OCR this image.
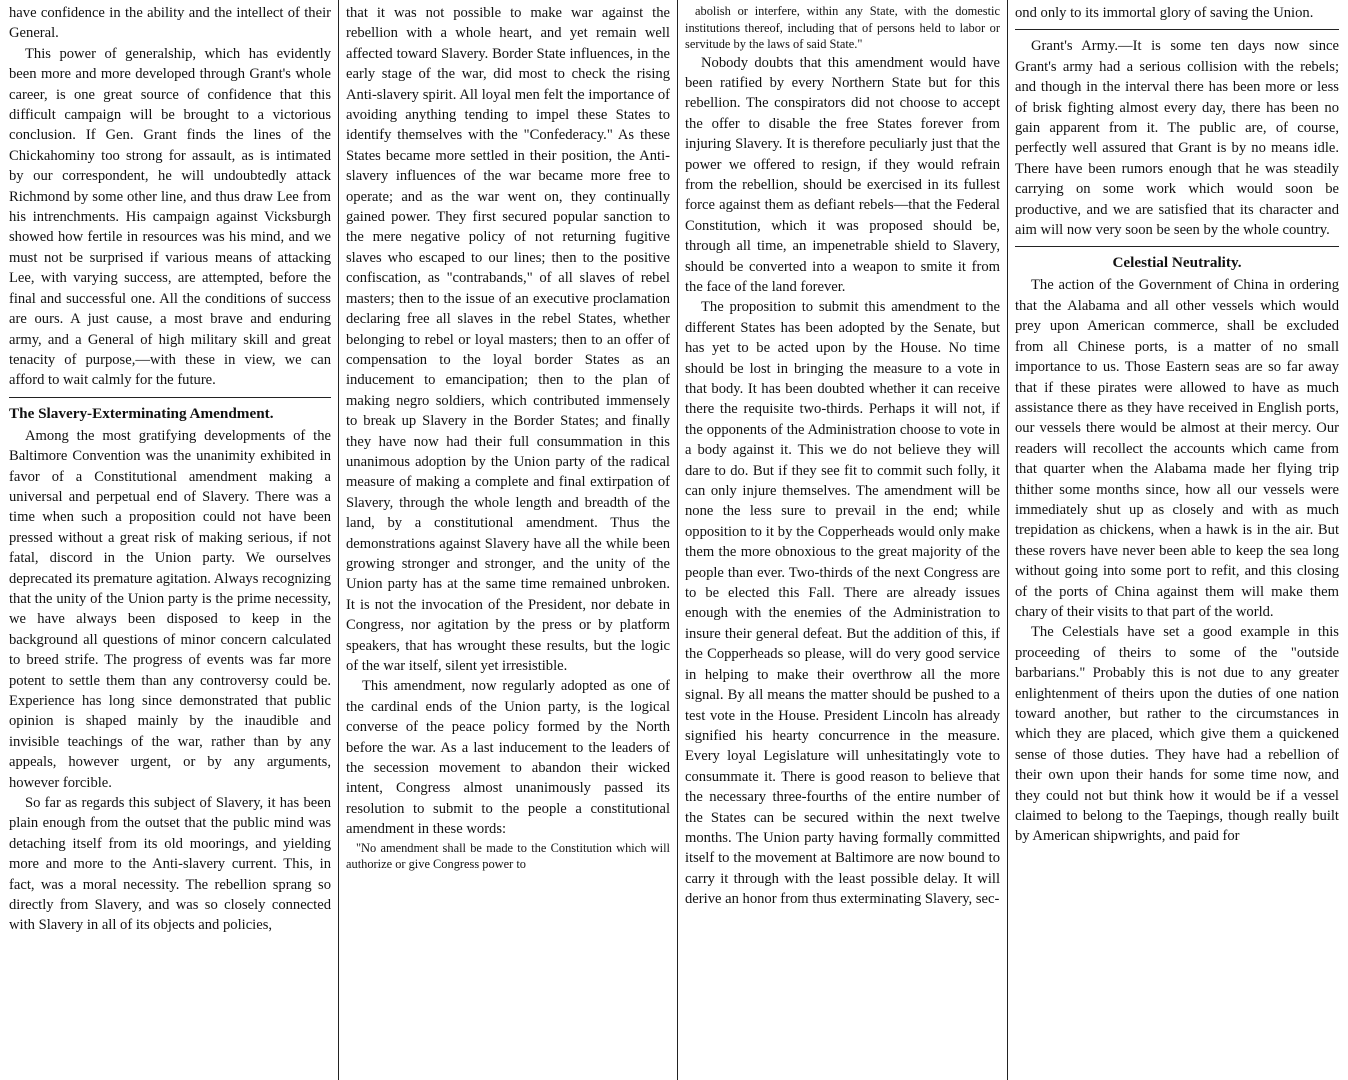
have confidence in the ability and the intellect of their General.

This power of generalship, which has evidently been more and more developed through Grant's whole career, is one great source of confidence that this difficult campaign will be brought to a victorious conclusion. If Gen. Grant finds the lines of the Chickahominy too strong for assault, as is intimated by our correspondent, he will undoubtedly attack Richmond by some other line, and thus draw Lee from his intrenchments. His campaign against Vicksburgh showed how fertile in resources was his mind, and we must not be surprised if various means of attacking Lee, with varying success, are attempted, before the final and successful one. All the conditions of success are ours. A just cause, a most brave and enduring army, and a General of high military skill and great tenacity of purpose,—with these in view, we can afford to wait calmly for the future.

The Slavery-Exterminating Amendment.

Among the most gratifying developments of the Baltimore Convention was the unanimity exhibited in favor of a Constitutional amendment making a universal and perpetual end of Slavery. There was a time when such a proposition could not have been pressed without a great risk of making serious, if not fatal, discord in the Union party. We ourselves deprecated its premature agitation. Always recognizing that the unity of the Union party is the prime necessity, we have always been disposed to keep in the background all questions of minor concern calculated to breed strife. The progress of events was far more potent to settle them than any controversy could be. Experience has long since demonstrated that public opinion is shaped mainly by the inaudible and invisible teachings of the war, rather than by any appeals, however urgent, or by any arguments, however forcible.

So far as regards this subject of Slavery, it has been plain enough from the outset that the public mind was detaching itself from its old moorings, and yielding more and more to the Anti-slavery current. This, in fact, was a moral necessity. The rebellion sprang so directly from Slavery, and was so closely connected with Slavery in all of its objects and policies,

that it was not possible to make war against the rebellion with a whole heart, and yet remain well affected toward Slavery. Border State influences, in the early stage of the war, did most to check the rising Anti-slavery spirit. All loyal men felt the importance of avoiding anything tending to impel these States to identify themselves with the "Confederacy." As these States became more settled in their position, the Anti-slavery influences of the war became more free to operate; and as the war went on, they continually gained power. They first secured popular sanction to the mere negative policy of not returning fugitive slaves who escaped to our lines; then to the positive confiscation, as "contrabands," of all slaves of rebel masters; then to the issue of an executive proclamation declaring free all slaves in the rebel States, whether belonging to rebel or loyal masters; then to an offer of compensation to the loyal border States as an inducement to emancipation; then to the plan of making negro soldiers, which contributed immensely to break up Slavery in the Border States; and finally they have now had their full consummation in this unanimous adoption by the Union party of the radical measure of making a complete and final extirpation of Slavery, through the whole length and breadth of the land, by a constitutional amendment. Thus the demonstrations against Slavery have all the while been growing stronger and stronger, and the unity of the Union party has at the same time remained unbroken. It is not the invocation of the President, nor debate in Congress, nor agitation by the press or by platform speakers, that has wrought these results, but the logic of the war itself, silent yet irresistible.

This amendment, now regularly adopted as one of the cardinal ends of the Union party, is the logical converse of the peace policy formed by the North before the war. As a last inducement to the leaders of the secession movement to abandon their wicked intent, Congress almost unanimously passed its resolution to submit to the people a constitutional amendment in these words:

"No amendment shall be made to the Constitution which will authorize or give Congress power to

abolish or interfere, within any State, with the domestic institutions thereof, including that of persons held to labor or servitude by the laws of said State."

Nobody doubts that this amendment would have been ratified by every Northern State but for this rebellion. The conspirators did not choose to accept the offer to disable the free States forever from injuring Slavery. It is therefore peculiarly just that the power we offered to resign, if they would refrain from the rebellion, should be exercised in its fullest force against them as defiant rebels—that the Federal Constitution, which it was proposed should be, through all time, an impenetrable shield to Slavery, should be converted into a weapon to smite it from the face of the land forever.

The proposition to submit this amendment to the different States has been adopted by the Senate, but has yet to be acted upon by the House. No time should be lost in bringing the measure to a vote in that body. It has been doubted whether it can receive there the requisite two-thirds. Perhaps it will not, if the opponents of the Administration choose to vote in a body against it. This we do not believe they will dare to do. But if they see fit to commit such folly, it can only injure themselves. The amendment will be none the less sure to prevail in the end; while opposition to it by the Copperheads would only make them the more obnoxious to the great majority of the people than ever. Two-thirds of the next Congress are to be elected this Fall. There are already issues enough with the enemies of the Administration to insure their general defeat. But the addition of this, if the Copperheads so please, will do very good service in helping to make their overthrow all the more signal. By all means the matter should be pushed to a test vote in the House. President Lincoln has already signified his hearty concurrence in the measure. Every loyal Legislature will unhesitatingly vote to consummate it. There is good reason to believe that the necessary three-fourths of the entire number of the States can be secured within the next twelve months. The Union party having formally committed itself to the movement at Baltimore are now bound to carry it through with the least possible delay. It will derive an honor from thus exterminating Slavery, sec-

ond only to its immortal glory of saving the Union.

Grant's Army.—It is some ten days now since Grant's army had a serious collision with the rebels; and though in the interval there has been more or less of brisk fighting almost every day, there has been no gain apparent from it. The public are, of course, perfectly well assured that Grant is by no means idle. There have been rumors enough that he was steadily carrying on some work which would soon be productive, and we are satisfied that its character and aim will now very soon be seen by the whole country.

Celestial Neutrality.

The action of the Government of China in ordering that the Alabama and all other vessels which would prey upon American commerce, shall be excluded from all Chinese ports, is a matter of no small importance to us. Those Eastern seas are so far away that if these pirates were allowed to have as much assistance there as they have received in English ports, our vessels there would be almost at their mercy. Our readers will recollect the accounts which came from that quarter when the Alabama made her flying trip thither some months since, how all our vessels were immediately shut up as closely and with as much trepidation as chickens, when a hawk is in the air. But these rovers have never been able to keep the sea long without going into some port to refit, and this closing of the ports of China against them will make them chary of their visits to that part of the world.

The Celestials have set a good example in this proceeding of theirs to some of the "outside barbarians." Probably this is not due to any greater enlightenment of theirs upon the duties of one nation toward another, but rather to the circumstances in which they are placed, which give them a quickened sense of those duties. They have had a rebellion of their own upon their hands for some time now, and they could not but think how it would be if a vessel claimed to belong to the Taepings, though really built by American shipwrights, and paid for
